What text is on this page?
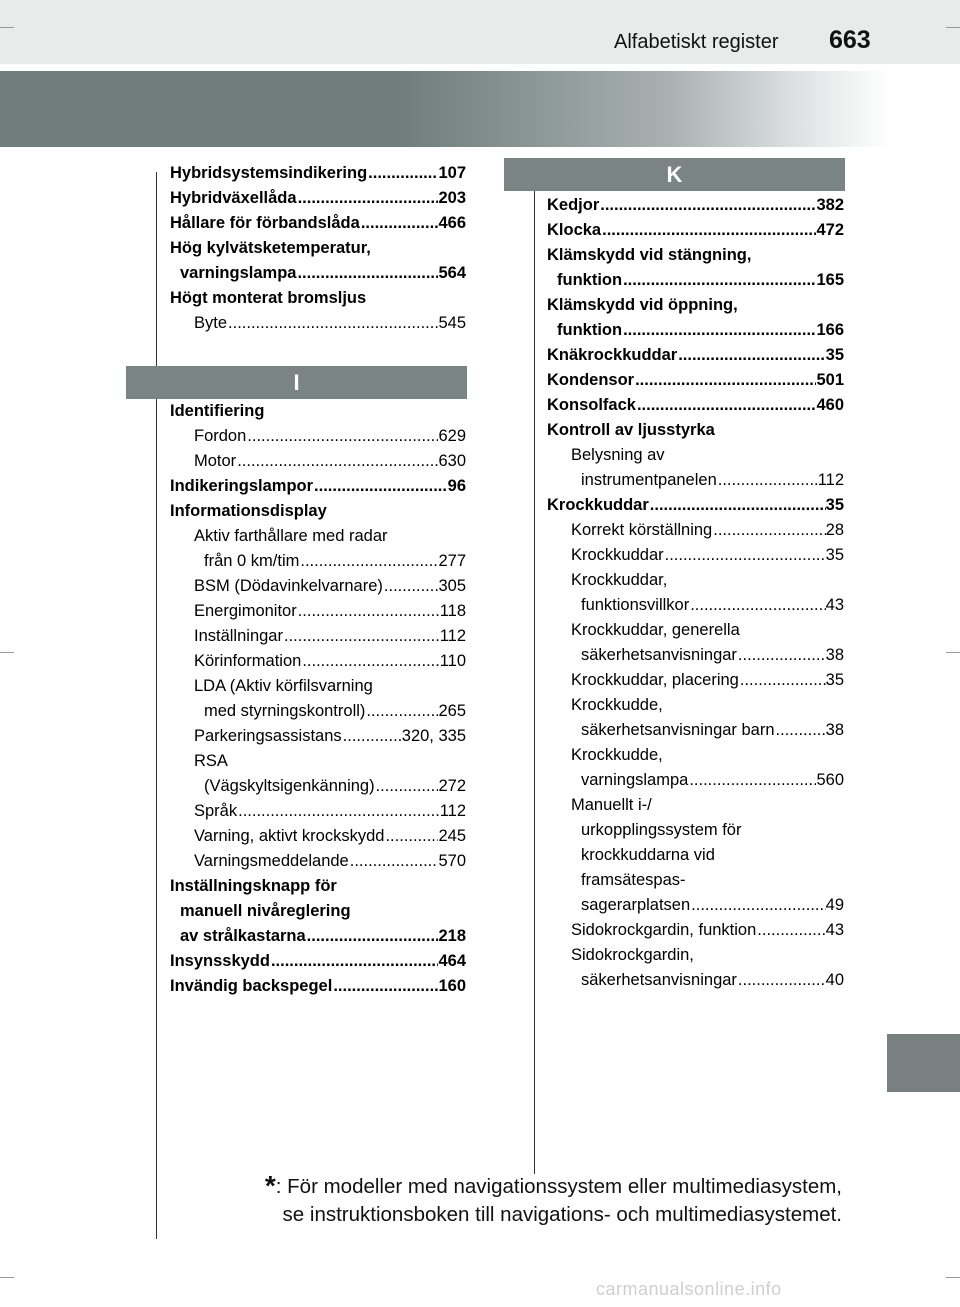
Alfabetiskt register 663
Hybridsystemsindikering .....	107
Hybridväxellåda .....	203
Hållare för förbandslåda .....	466
Hög kylvätsketemperatur,
varningslampa .....	564
Högt monterat bromsljus
Byte .....	545
I
Identifiering
Fordon .....	629
Motor .....	630
Indikeringslampor .....	96
Informationsdisplay
Aktiv farthållare med radar
från 0 km/tim .....	277
BSM (Dödavinkelvarnare) .....	305
Energimonitor .....	118
Inställningar .....	112
Körinformation .....	110
LDA (Aktiv körfilsvarning
med styrningskontroll) .....	265
Parkeringsassistans .....	320, 335
RSA
(Vägskyltsigenkänning) .....	272
Språk .....	112
Varning, aktivt krockskydd .....	245
Varningsmeddelande .....	570
Inställningsknapp för
manuell nivåreglering
av strålkastarna .....	218
Insynsskydd .....	464
Invändig backspegel .....	160
K
Kedjor .....	382
Klocka .....	472
Klämskydd vid stängning,
funktion .....	165
Klämskydd vid öppning,
funktion .....	166
Knäkrockkuddar .....	35
Kondensor .....	501
Konsolfack .....	460
Kontroll av ljusstyrka
Belysning av
instrumentpanelen .....	112
Krockkuddar .....	35
Korrekt körställning .....	28
Krockkuddar .....	35
Krockkuddar,
funktionsvillkor .....	43
Krockkuddar, generella
säkerhetsanvisningar .....	38
Krockkuddar, placering .....	35
Krockkudde,
säkerhetsanvisningar barn .....	38
Krockkudde,
varningslampa .....	560
Manuellt i-/
urkopplingssystem för
krockkuddarna vid
framsätespas-
sagerarplatsen .....	49
Sidokrockgardin, funktion .....	43
Sidokrockgardin,
säkerhetsanvisningar .....	40
*: För modeller med navigationssystem eller multimediasystem,
se instruktionsboken till navigations- och multimediasystemet.
carmanualsonline.info
